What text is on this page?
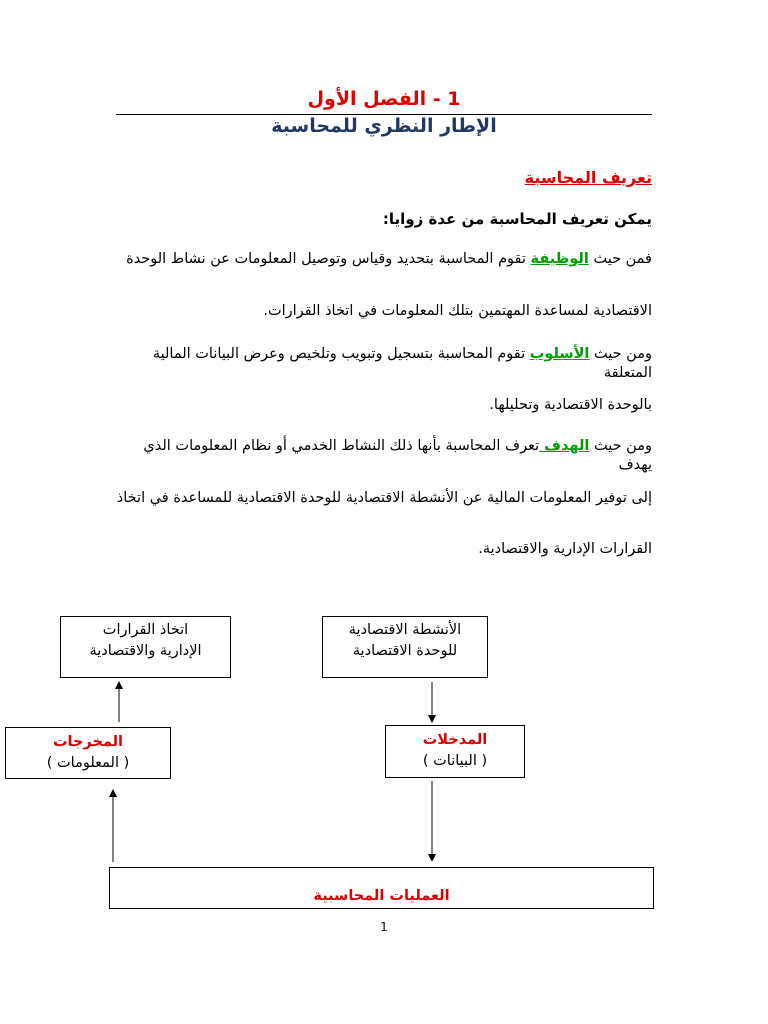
1 - الفصل الأول
الإطار النظري للمحاسبة
تعريف المحاسبة
يمكن تعريف المحاسبة من عدة زوايا:
فمن حيث الوظيفة تقوم المحاسبة بتحديد وقياس وتوصيل المعلومات عن نشاط الوحدة
الاقتصادية لمساعدة المهتمين بتلك المعلومات في اتخاذ القرارات.
ومن حيث الأسلوب تقوم المحاسبة بتسجيل وتبويب وتلخيص وعرض البيانات المالية المتعلقة
بالوحدة الاقتصادية وتحليلها.
ومن حيث الهدف تعرف المحاسبة بأنها ذلك النشاط الخدمي أو نظام المعلومات الذي يهدف
إلى توفير المعلومات المالية عن الأنشطة الاقتصادية للوحدة الاقتصادية للمساعدة في اتخاذ
القرارات الإدارية والاقتصادية.
الأنشطة الاقتصادية
للوحدة الاقتصادية
اتخاذ القرارات
الإدارية والاقتصادية
المدخلات
( البيانات )
المخرجات
( المعلومات )
العمليات المحاسبية
1
